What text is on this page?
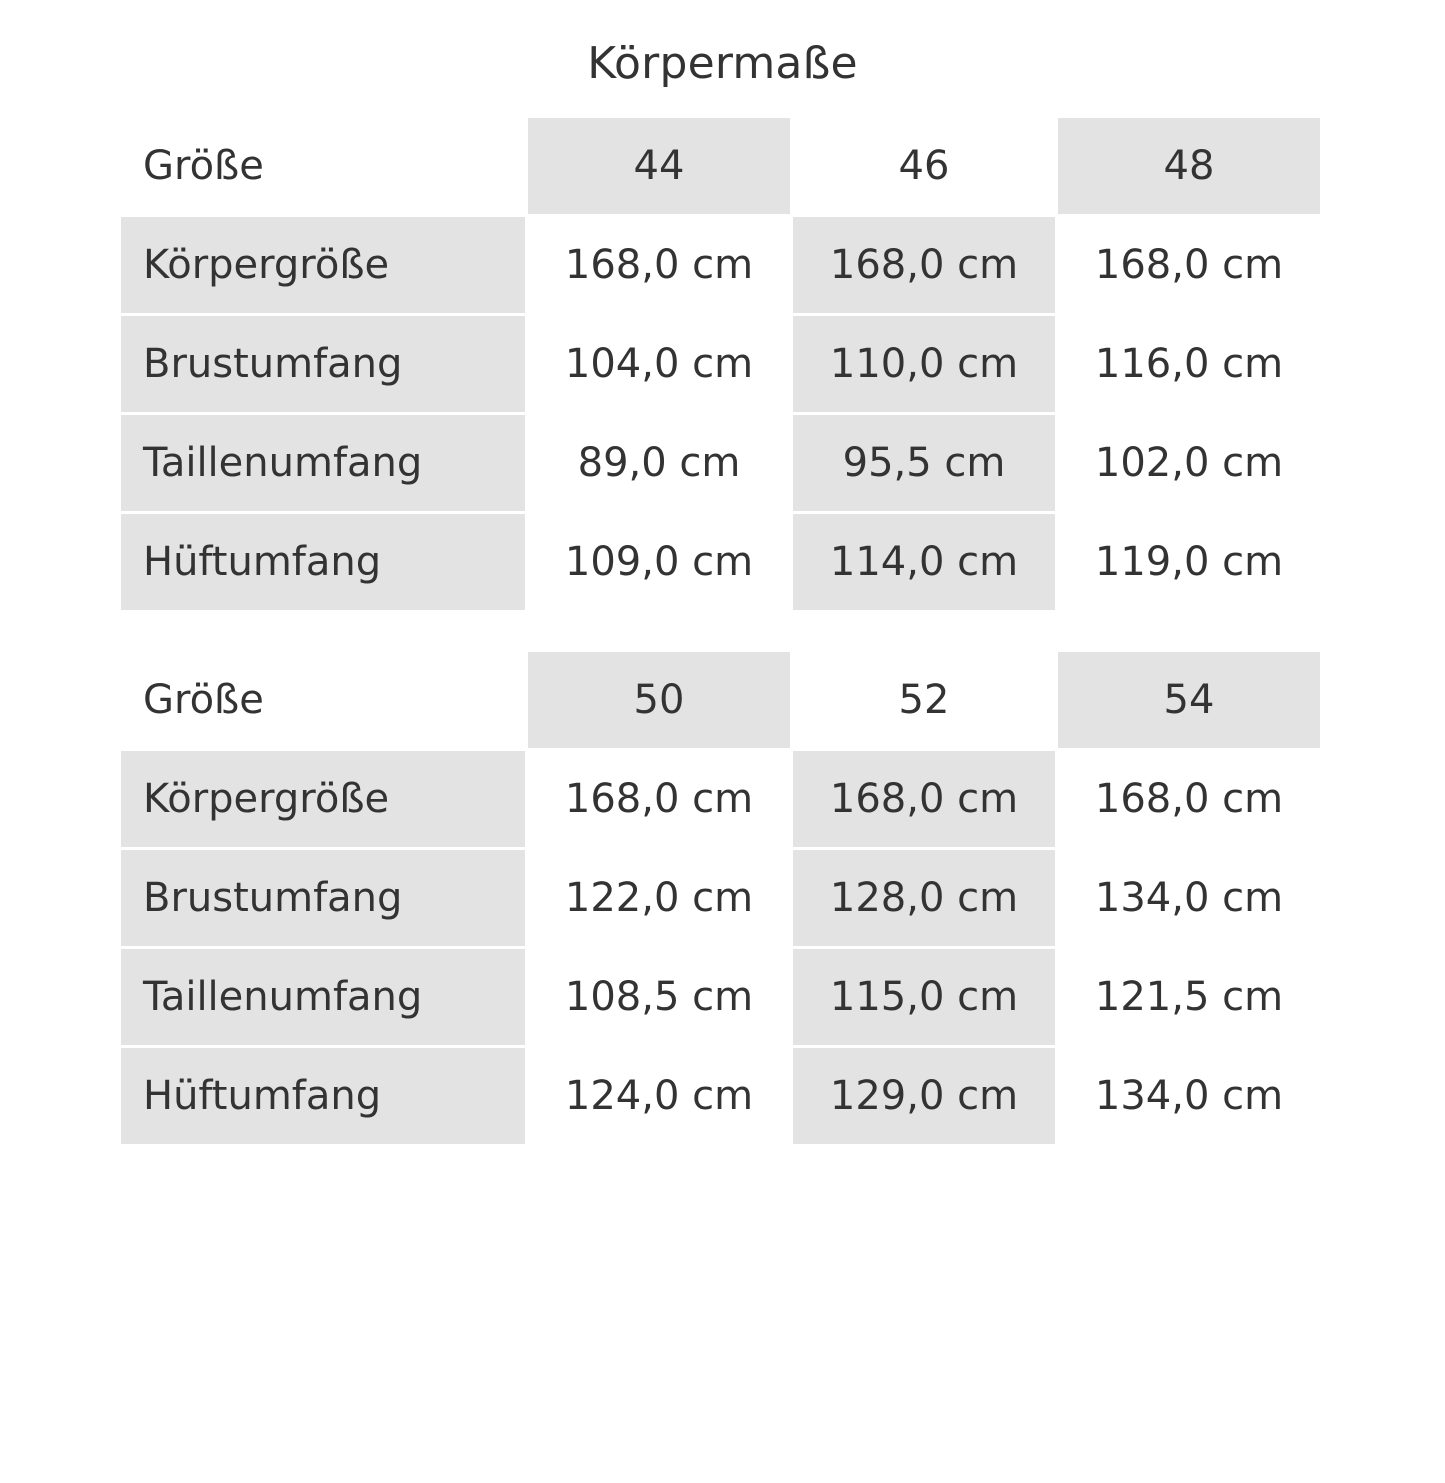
Körpermaße
Größe	44	46	48
Körpergröße	168,0 cm	168,0 cm	168,0 cm
Brustumfang	104,0 cm	110,0 cm	116,0 cm
Taillenumfang	89,0 cm	95,5 cm	102,0 cm
Hüftumfang	109,0 cm	114,0 cm	119,0 cm
Größe	50	52	54
Körpergröße	168,0 cm	168,0 cm	168,0 cm
Brustumfang	122,0 cm	128,0 cm	134,0 cm
Taillenumfang	108,5 cm	115,0 cm	121,5 cm
Hüftumfang	124,0 cm	129,0 cm	134,0 cm
